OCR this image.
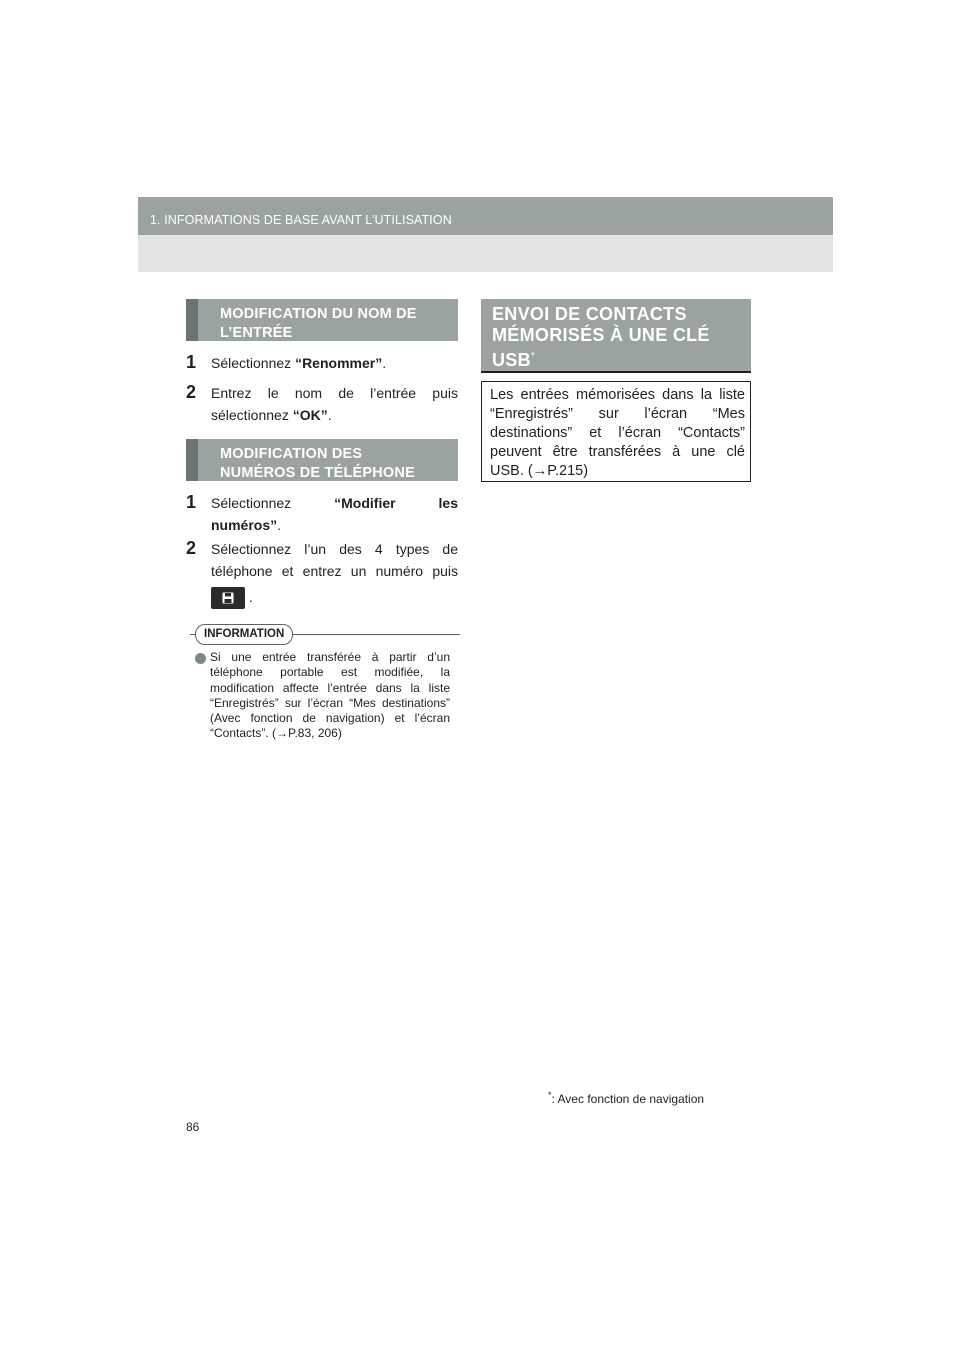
1. INFORMATIONS DE BASE AVANT L’UTILISATION
MODIFICATION DU NOM DE
L’ENTRÉE
1 Sélectionnez “Renommer”.
2 Entrez le nom de l’entrée puis
sélectionnez “OK”.
MODIFICATION DES
NUMÉROS DE TÉLÉPHONE
1 Sélectionnez “Modifier les
numéros”.
2 Sélectionnez l’un des 4 types de
téléphone et entrez un numéro puis
.
INFORMATION
Si une entrée transférée à partir d’un téléphone portable est modifiée, la modification affecte l’entrée dans la liste “Enregistrés” sur l’écran “Mes destinations” (Avec fonction de navigation) et l’écran “Contacts”. (→P.83, 206)
ENVOI DE CONTACTS
MÉMORISÉS À UNE CLÉ
USB*
Les entrées mémorisées dans la liste “Enregistrés” sur l’écran “Mes destinations” et l’écran “Contacts” peuvent être transférées à une clé USB. (→P.215)
*: Avec fonction de navigation
86
